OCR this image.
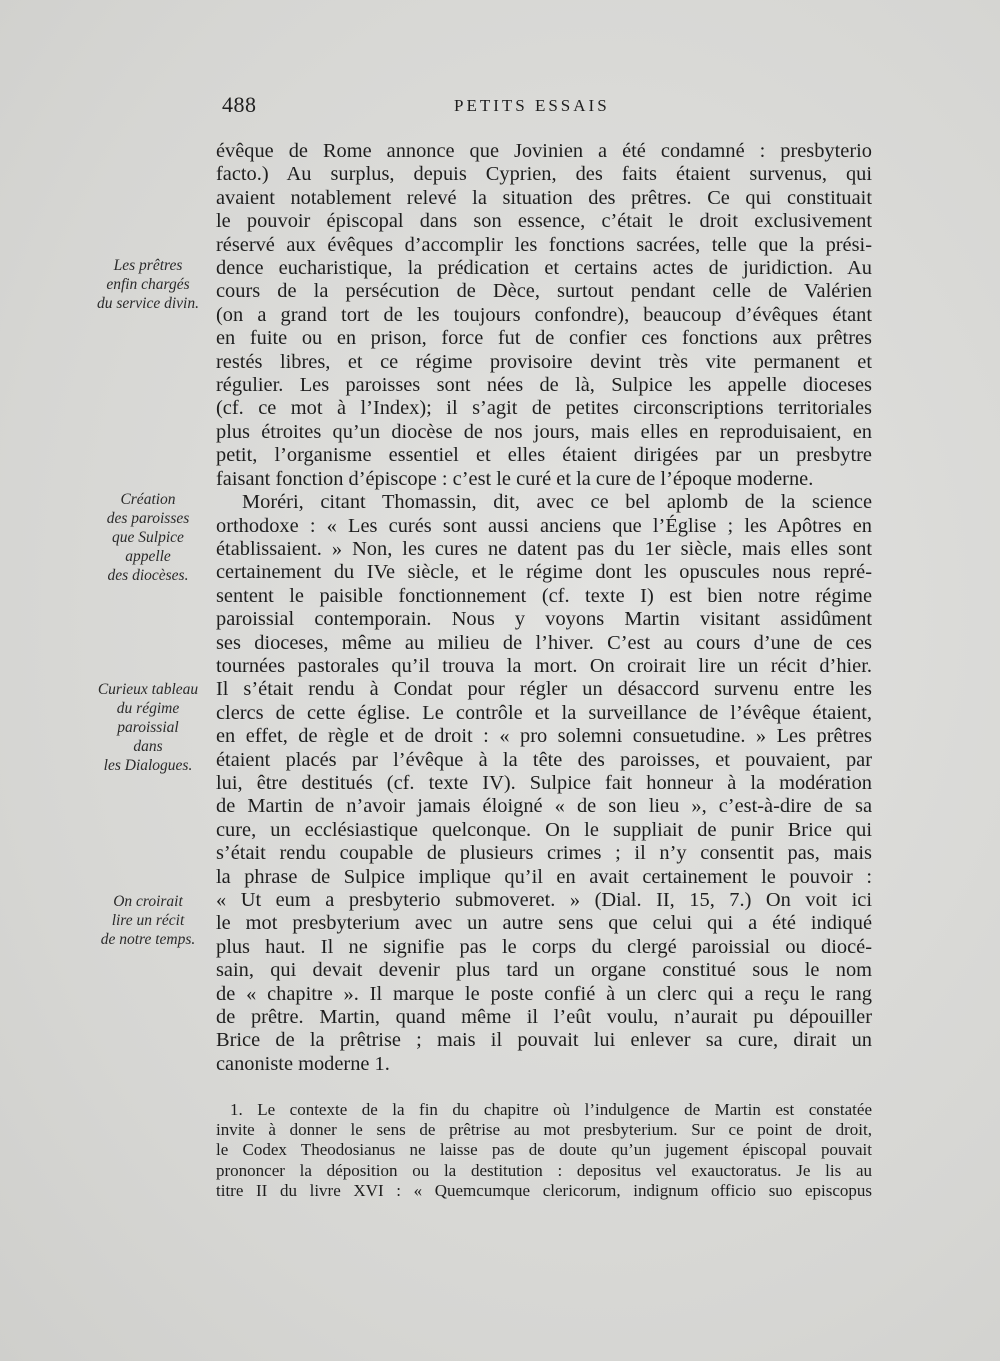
488	PETITS ESSAIS
évêque de Rome annonce que Jovinien a été condamné : presbyterio
facto.) Au surplus, depuis Cyprien, des faits étaient survenus, qui
avaient notablement relevé la situation des prêtres. Ce qui constituait
le pouvoir épiscopal dans son essence, c’était le droit exclusivement
réservé aux évêques d’accomplir les fonctions sacrées, telle que la prési-
dence eucharistique, la prédication et certains actes de juridiction. Au
cours de la persécution de Dèce, surtout pendant celle de Valérien
(on a grand tort de les toujours confondre), beaucoup d’évêques étant
en fuite ou en prison, force fut de confier ces fonctions aux prêtres
restés libres, et ce régime provisoire devint très vite permanent et
régulier. Les paroisses sont nées de là, Sulpice les appelle dioceses
(cf. ce mot à l’Index); il s’agit de petites circonscriptions territoriales
plus étroites qu’un diocèse de nos jours, mais elles en reproduisaient, en
petit, l’organisme essentiel et elles étaient dirigées par un presbytre
faisant fonction d’épiscope : c’est le curé et la cure de l’époque moderne.
Moréri, citant Thomassin, dit, avec ce bel aplomb de la science
orthodoxe : « Les curés sont aussi anciens que l’Église ; les Apôtres en
établissaient. » Non, les cures ne datent pas du 1er siècle, mais elles sont
certainement du IVe siècle, et le régime dont les opuscules nous repré-
sentent le paisible fonctionnement (cf. texte I) est bien notre régime
paroissial contemporain. Nous y voyons Martin visitant assidûment
ses dioceses, même au milieu de l’hiver. C’est au cours d’une de ces
tournées pastorales qu’il trouva la mort. On croirait lire un récit d’hier.
Il s’était rendu à Condat pour régler un désaccord survenu entre les
clercs de cette église. Le contrôle et la surveillance de l’évêque étaient,
en effet, de règle et de droit : « pro solemni consuetudine. » Les prêtres
étaient placés par l’évêque à la tête des paroisses, et pouvaient, par
lui, être destitués (cf. texte IV). Sulpice fait honneur à la modération
de Martin de n’avoir jamais éloigné « de son lieu », c’est-à-dire de sa
cure, un ecclésiastique quelconque. On le suppliait de punir Brice qui
s’était rendu coupable de plusieurs crimes ; il n’y consentit pas, mais
la phrase de Sulpice implique qu’il en avait certainement le pouvoir :
« Ut eum a presbyterio submoveret. » (Dial. II, 15, 7.) On voit ici
le mot presbyterium avec un autre sens que celui qui a été indiqué
plus haut. Il ne signifie pas le corps du clergé paroissial ou diocé-
sain, qui devait devenir plus tard un organe constitué sous le nom
de « chapitre ». Il marque le poste confié à un clerc qui a reçu le rang
de prêtre. Martin, quand même il l’eût voulu, n’aurait pu dépouiller
Brice de la prêtrise ; mais il pouvait lui enlever sa cure, dirait un
canoniste moderne 1.
Les prêtres
enfin chargés
du service divin.
Création
des paroisses
que Sulpice
appelle
des diocèses.
Curieux tableau
du régime
paroissial
dans
les Dialogues.
On croirait
lire un récit
de notre temps.
1. Le contexte de la fin du chapitre où l’indulgence de Martin est constatée
invite à donner le sens de prêtrise au mot presbyterium. Sur ce point de droit,
le Codex Theodosianus ne laisse pas de doute qu’un jugement épiscopal pouvait
prononcer la déposition ou la destitution : depositus vel exauctoratus. Je lis au
titre II du livre XVI : « Quemcumque clericorum, indignum officio suo episcopus
